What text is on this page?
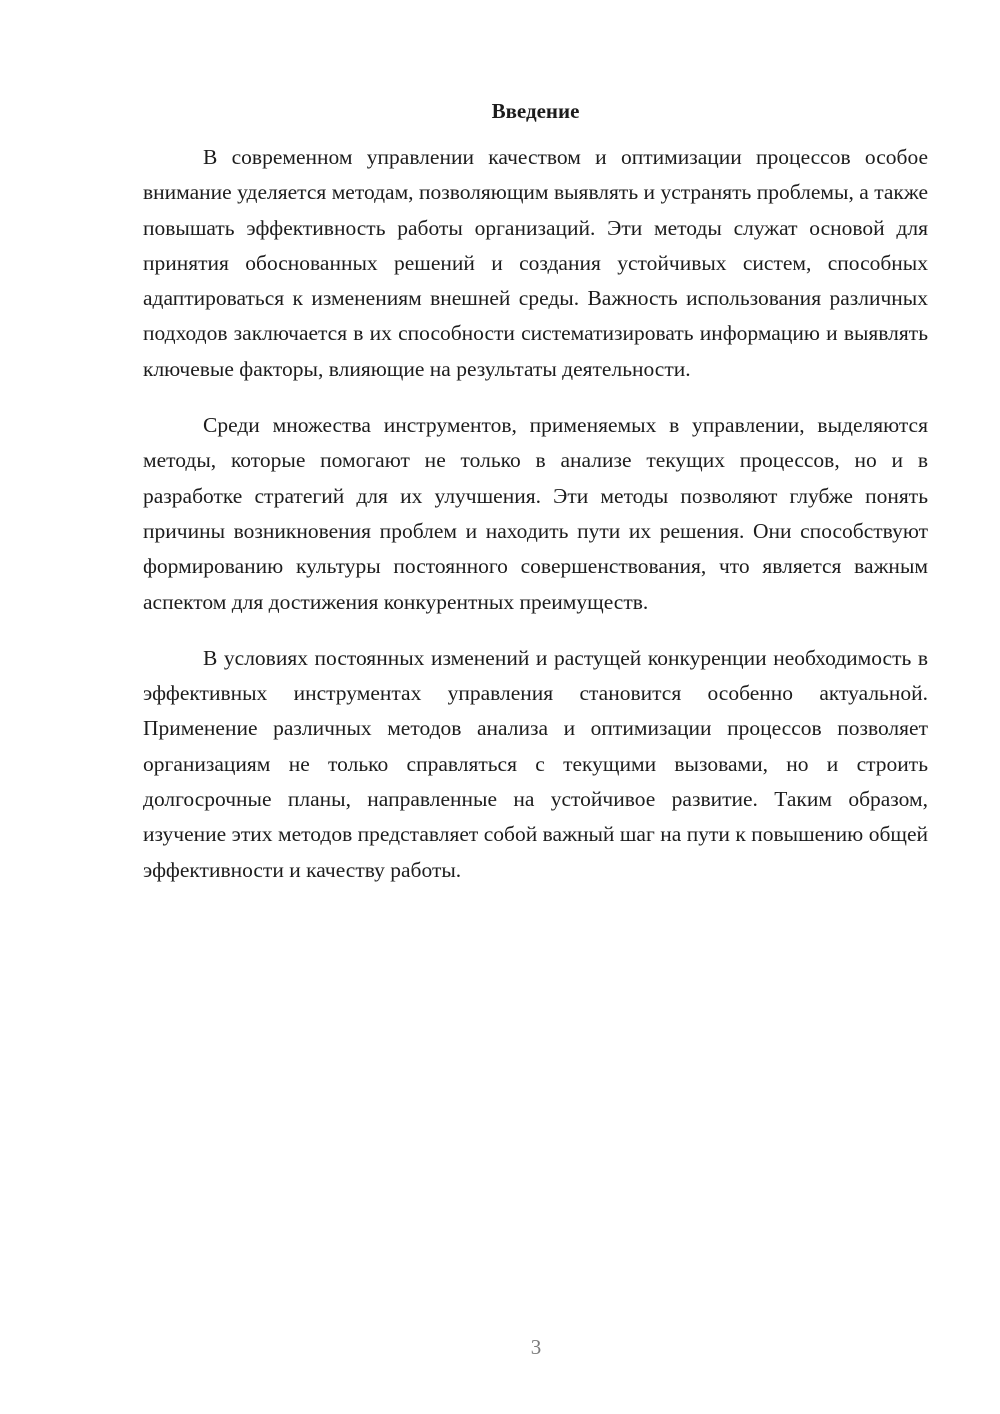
Введение

В современном управлении качеством и оптимизации процессов особое внимание уделяется методам, позволяющим выявлять и устранять проблемы, а также повышать эффективность работы организаций. Эти методы служат основой для принятия обоснованных решений и создания устойчивых систем, способных адаптироваться к изменениям внешней среды. Важность использования различных подходов заключается в их способности систематизировать информацию и выявлять ключевые факторы, влияющие на результаты деятельности.

Среди множества инструментов, применяемых в управлении, выделяются методы, которые помогают не только в анализе текущих процессов, но и в разработке стратегий для их улучшения. Эти методы позволяют глубже понять причины возникновения проблем и находить пути их решения. Они способствуют формированию культуры постоянного совершенствования, что является важным аспектом для достижения конкурентных преимуществ.

В условиях постоянных изменений и растущей конкуренции необходимость в эффективных инструментах управления становится особенно актуальной. Применение различных методов анализа и оптимизации процессов позволяет организациям не только справляться с текущими вызовами, но и строить долгосрочные планы, направленные на устойчивое развитие. Таким образом, изучение этих методов представляет собой важный шаг на пути к повышению общей эффективности и качеству работы.

3
